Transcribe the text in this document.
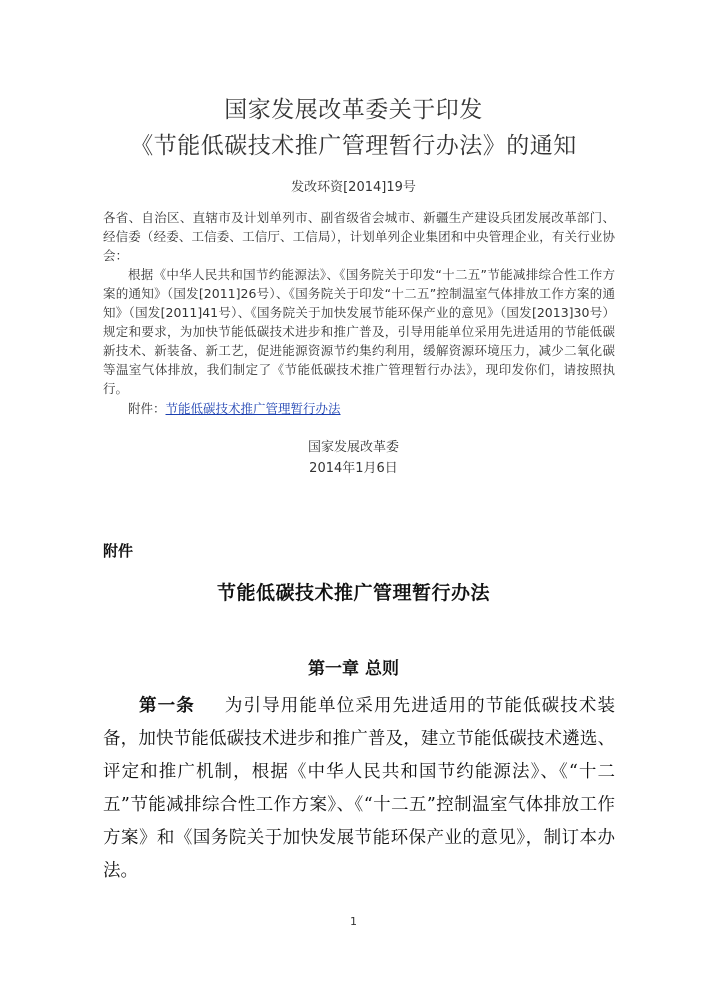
国家发展改革委关于印发
《节能低碳技术推广管理暂行办法》的通知
发改环资[2014]19号
各省、自治区、直辖市及计划单列市、副省级省会城市、新疆生产建设兵团发展改革部门、经信委（经委、工信委、工信厅、工信局），计划单列企业集团和中央管理企业，有关行业协会：
根据《中华人民共和国节约能源法》、《国务院关于印发“十二五”节能减排综合性工作方案的通知》（国发[2011]26号）、《国务院关于印发“十二五”控制温室气体排放工作方案的通知》（国发[2011]41号）、《国务院关于加快发展节能环保产业的意见》（国发[2013]30号）规定和要求，为加快节能低碳技术进步和推广普及，引导用能单位采用先进适用的节能低碳新技术、新装备、新工艺，促进能源资源节约集约利用，缓解资源环境压力，减少二氧化碳等温室气体排放，我们制定了《节能低碳技术推广管理暂行办法》，现印发你们，请按照执行。
附件：节能低碳技术推广管理暂行办法
国家发展改革委
2014年1月6日
附件
节能低碳技术推广管理暂行办法
第一章 总则
第一条 为引导用能单位采用先进适用的节能低碳技术装备，加快节能低碳技术进步和推广普及，建立节能低碳技术遴选、评定和推广机制，根据《中华人民共和国节约能源法》、《“十二五”节能减排综合性工作方案》、《“十二五”控制温室气体排放工作方案》和《国务院关于加快发展节能环保产业的意见》，制订本办法。
1
